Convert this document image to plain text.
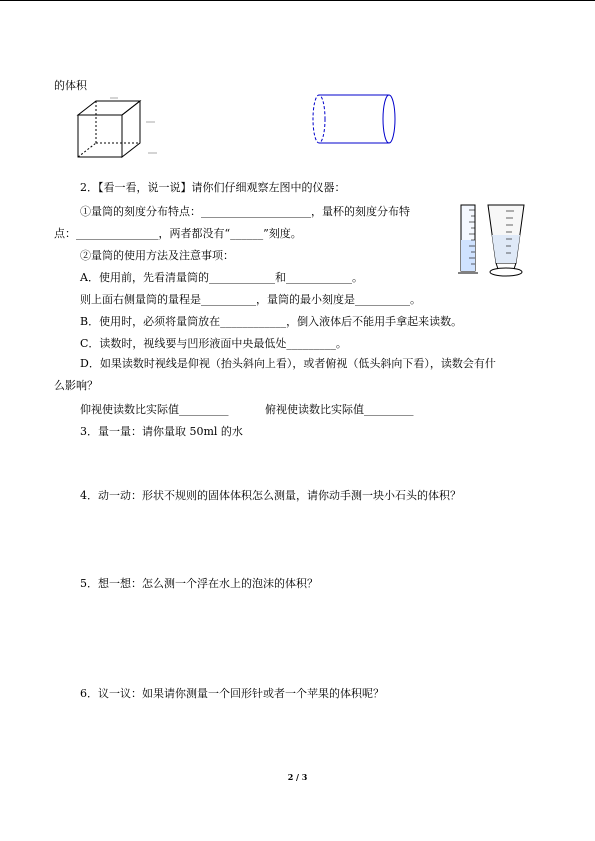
的体积
2．【看一看，说一说】请你们仔细观察左图中的仪器：
①量筒的刻度分布特点：____________________，量杯的刻度分布特
点：_______________，两者都没有“______”刻度。
②量筒的使用方法及注意事项：
A．使用前，先看清量筒的____________和____________。
则上面右侧量筒的量程是__________，量筒的最小刻度是__________。
B．使用时，必须将量筒放在____________，倒入液体后不能用手拿起来读数。
C．读数时，视线要与凹形液面中央最低处_________。
D．如果读数时视线是仰视（抬头斜向上看），或者俯视（低头斜向下看），读数会有什
么影响？
仰视使读数比实际值_________	俯视使读数比实际值_________
3．量一量：请你量取 50ml 的水
4．动一动：形状不规则的固体体积怎么测量，请你动手测一块小石头的体积？
5．想一想：怎么测一个浮在水上的泡沫的体积？
6．议一议：如果请你测量一个回形针或者一个苹果的体积呢？
2 / 3
